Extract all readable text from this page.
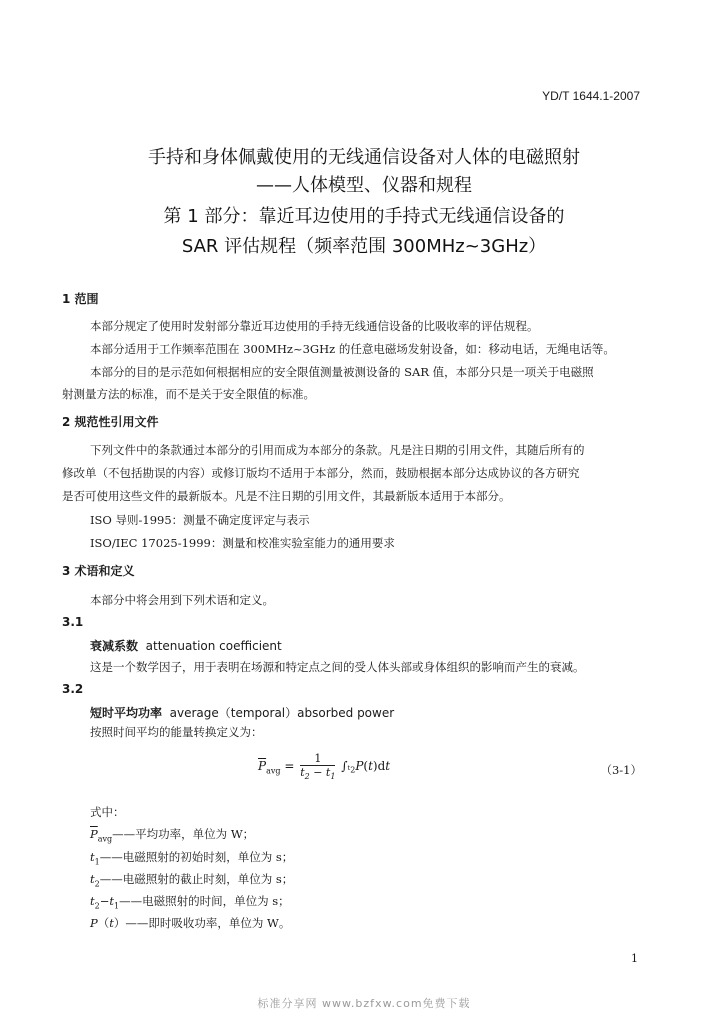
YD/T 1644.1-2007
手持和身体佩戴使用的无线通信设备对人体的电磁照射
——人体模型、仪器和规程
第 1 部分：靠近耳边使用的手持式无线通信设备的
SAR 评估规程（频率范围 300MHz~3GHz）
1 范围
本部分规定了使用时发射部分靠近耳边使用的手持无线通信设备的比吸收率的评估规程。
本部分适用于工作频率范围在 300MHz~3GHz 的任意电磁场发射设备，如：移动电话，无绳电话等。
本部分的目的是示范如何根据相应的安全限值测量被测设备的 SAR 值，本部分只是一项关于电磁照
射测量方法的标准，而不是关于安全限值的标准。
2 规范性引用文件
下列文件中的条款通过本部分的引用而成为本部分的条款。凡是注日期的引用文件，其随后所有的
修改单（不包括勘误的内容）或修订版均不适用于本部分，然而，鼓励根据本部分达成协议的各方研究
是否可使用这些文件的最新版本。凡是不注日期的引用文件，其最新版本适用于本部分。
ISO 导则-1995：测量不确定度评定与表示
ISO/IEC 17025-1999：测量和校准实验室能力的通用要求
3 术语和定义
本部分中将会用到下列术语和定义。
3.1
衰减系数 attenuation coefficient
这是一个数学因子，用于表明在场源和特定点之间的受人体头部或身体组织的影响而产生的衰减。
3.2
短时平均功率 average（temporal）absorbed power
按照时间平均的能量转换定义为：
$\overline{P}_{avg} = \frac{1}{t_2 - t_1} \int_{^{t_2}}P(t)dt$	（3-1）
式中：
$\overline{P}_{avg}——$平均功率，单位为 W；
$t_1——$电磁照射的初始时刻，单位为 s；
$t_2——$电磁照射的截止时刻，单位为 s；
$t_2-t_1——$电磁照射的时间，单位为 s；
P（t）——即时吸收功率，单位为 W。
1
标准分享网 www.bzfxw.com免费下载
